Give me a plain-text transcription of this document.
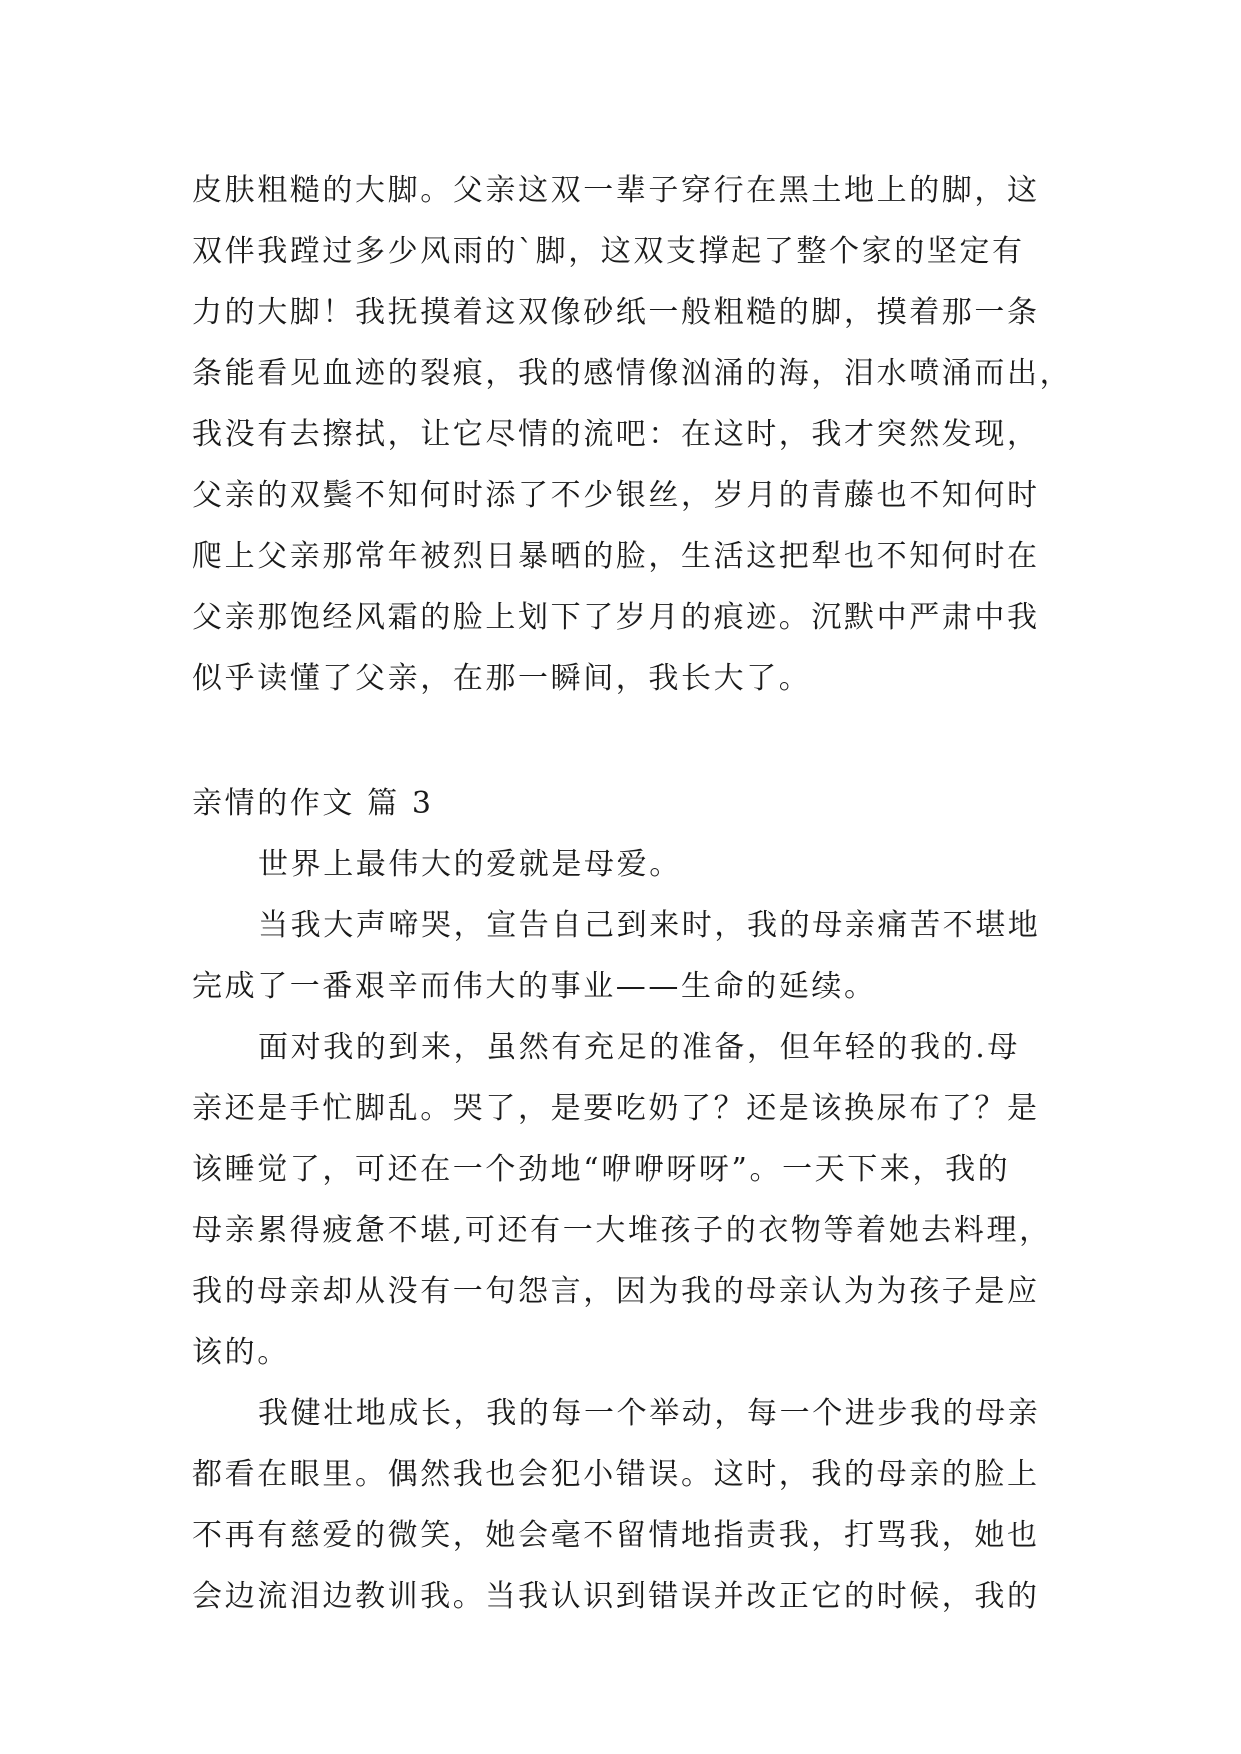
皮肤粗糙的大脚。父亲这双一辈子穿行在黑土地上的脚，这
双伴我蹚过多少风雨的`脚，这双支撑起了整个家的坚定有
力的大脚！我抚摸着这双像砂纸一般粗糙的脚，摸着那一条
条能看见血迹的裂痕，我的感情像汹涌的海，泪水喷涌而出，
我没有去擦拭，让它尽情的流吧：在这时，我才突然发现，
父亲的双鬓不知何时添了不少银丝，岁月的青藤也不知何时
爬上父亲那常年被烈日暴晒的脸，生活这把犁也不知何时在
父亲那饱经风霜的脸上划下了岁月的痕迹。沉默中严肃中我
似乎读懂了父亲，在那一瞬间，我长大了。
亲情的作文 篇 3
世界上最伟大的爱就是母爱。
当我大声啼哭，宣告自己到来时，我的母亲痛苦不堪地
完成了一番艰辛而伟大的事业——生命的延续。
面对我的到来，虽然有充足的准备，但年轻的我的.母
亲还是手忙脚乱。哭了，是要吃奶了？还是该换尿布了？是
该睡觉了，可还在一个劲地“咿咿呀呀”。一天下来，我的
母亲累得疲惫不堪,可还有一大堆孩子的衣物等着她去料理，
我的母亲却从没有一句怨言，因为我的母亲认为为孩子是应
该的。
我健壮地成长，我的每一个举动，每一个进步我的母亲
都看在眼里。偶然我也会犯小错误。这时，我的母亲的脸上
不再有慈爱的微笑，她会毫不留情地指责我，打骂我，她也
会边流泪边教训我。当我认识到错误并改正它的时候，我的
